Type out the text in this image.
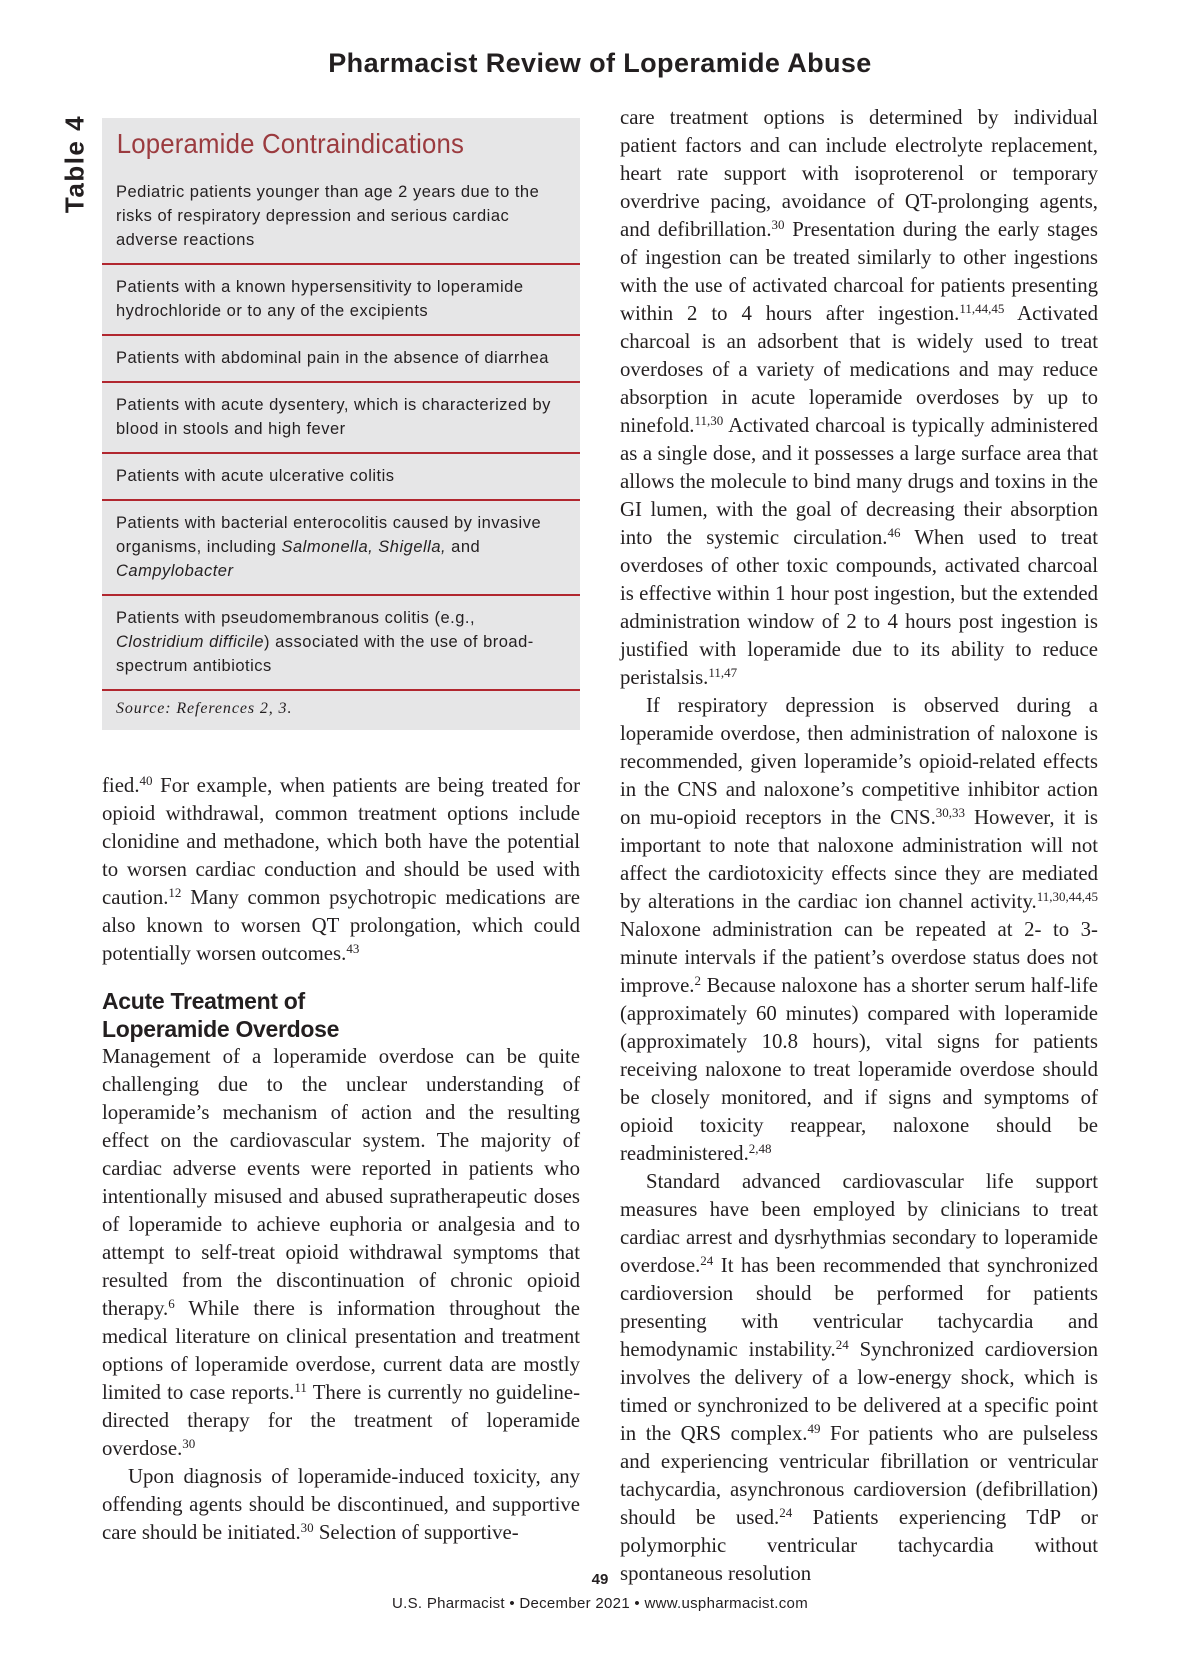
Pharmacist Review of Loperamide Abuse
Table 4 Loperamide Contraindications
Pediatric patients younger than age 2 years due to the risks of respiratory depression and serious cardiac adverse reactions
Patients with a known hypersensitivity to loperamide hydrochloride or to any of the excipients
Patients with abdominal pain in the absence of diarrhea
Patients with acute dysentery, which is characterized by blood in stools and high fever
Patients with acute ulcerative colitis
Patients with bacterial enterocolitis caused by invasive organisms, including Salmonella, Shigella, and Campylobacter
Patients with pseudomembranous colitis (e.g., Clostridium difficile) associated with the use of broad-spectrum antibiotics
Source: References 2, 3.

fied.$^{40}$ For example, when patients are being treated for opioid withdrawal, common treatment options include clonidine and methadone, which both have the potential to worsen cardiac conduction and should be used with caution.$^{12}$ Many common psychotropic medications are also known to worsen QT prolongation, which could potentially worsen outcomes.$^{43}$

Acute Treatment of
Loperamide Overdose

Management of a loperamide overdose can be quite challenging due to the unclear understanding of loperamide’s mechanism of action and the resulting effect on the cardiovascular system. The majority of cardiac adverse events were reported in patients who intentionally misused and abused supratherapeutic doses of loperamide to achieve euphoria or analgesia and to attempt to self-treat opioid withdrawal symptoms that resulted from the discontinuation of chronic opioid therapy.$^6$ While there is information throughout the medical literature on clinical presentation and treatment options of loperamide overdose, current data are mostly limited to case reports.$^{11}$ There is currently no guideline-directed therapy for the treatment of loperamide overdose.$^{30}$

Upon diagnosis of loperamide-induced toxicity, any offending agents should be discontinued, and supportive care should be initiated.$^{30}$ Selection of supportive-

care treatment options is determined by individual patient factors and can include electrolyte replacement, heart rate support with isoproterenol or temporary overdrive pacing, avoidance of QT-prolonging agents, and defibrillation.$^{30}$ Presentation during the early stages of ingestion can be treated similarly to other ingestions with the use of activated charcoal for patients presenting within 2 to 4 hours after ingestion.$^{11,44,45}$ Activated charcoal is an adsorbent that is widely used to treat overdoses of a variety of medications and may reduce absorption in acute loperamide overdoses by up to ninefold.$^{11,30}$ Activated charcoal is typically administered as a single dose, and it possesses a large surface area that allows the molecule to bind many drugs and toxins in the GI lumen, with the goal of decreasing their absorption into the systemic circulation.$^{46}$ When used to treat overdoses of other toxic compounds, activated charcoal is effective within 1 hour post ingestion, but the extended administration window of 2 to 4 hours post ingestion is justified with loperamide due to its ability to reduce peristalsis.$^{11,47}$

If respiratory depression is observed during a loperamide overdose, then administration of naloxone is recommended, given loperamide’s opioid-related effects in the CNS and naloxone’s competitive inhibitor action on mu-opioid receptors in the CNS.$^{30,33}$ However, it is important to note that naloxone administration will not affect the cardiotoxicity effects since they are mediated by alterations in the cardiac ion channel activity.$^{11,30,44,45}$ Naloxone administration can be repeated at 2- to 3-minute intervals if the patient’s overdose status does not improve.$^2$ Because naloxone has a shorter serum half-life (approximately 60 minutes) compared with loperamide (approximately 10.8 hours), vital signs for patients receiving naloxone to treat loperamide overdose should be closely monitored, and if signs and symptoms of opioid toxicity reappear, naloxone should be readministered.$^{2,48}$

Standard advanced cardiovascular life support measures have been employed by clinicians to treat cardiac arrest and dysrhythmias secondary to loperamide overdose.$^{24}$ It has been recommended that synchronized cardioversion should be performed for patients presenting with ventricular tachycardia and hemodynamic instability.$^{24}$ Synchronized cardioversion involves the delivery of a low-energy shock, which is timed or synchronized to be delivered at a specific point in the QRS complex.$^{49}$ For patients who are pulseless and experiencing ventricular fibrillation or ventricular tachycardia, asynchronous cardioversion (defibrillation) should be used.$^{24}$ Patients experiencing TdP or polymorphic ventricular tachycardia without spontaneous resolution

49
U.S. Pharmacist • December 2021 • www.uspharmacist.com
